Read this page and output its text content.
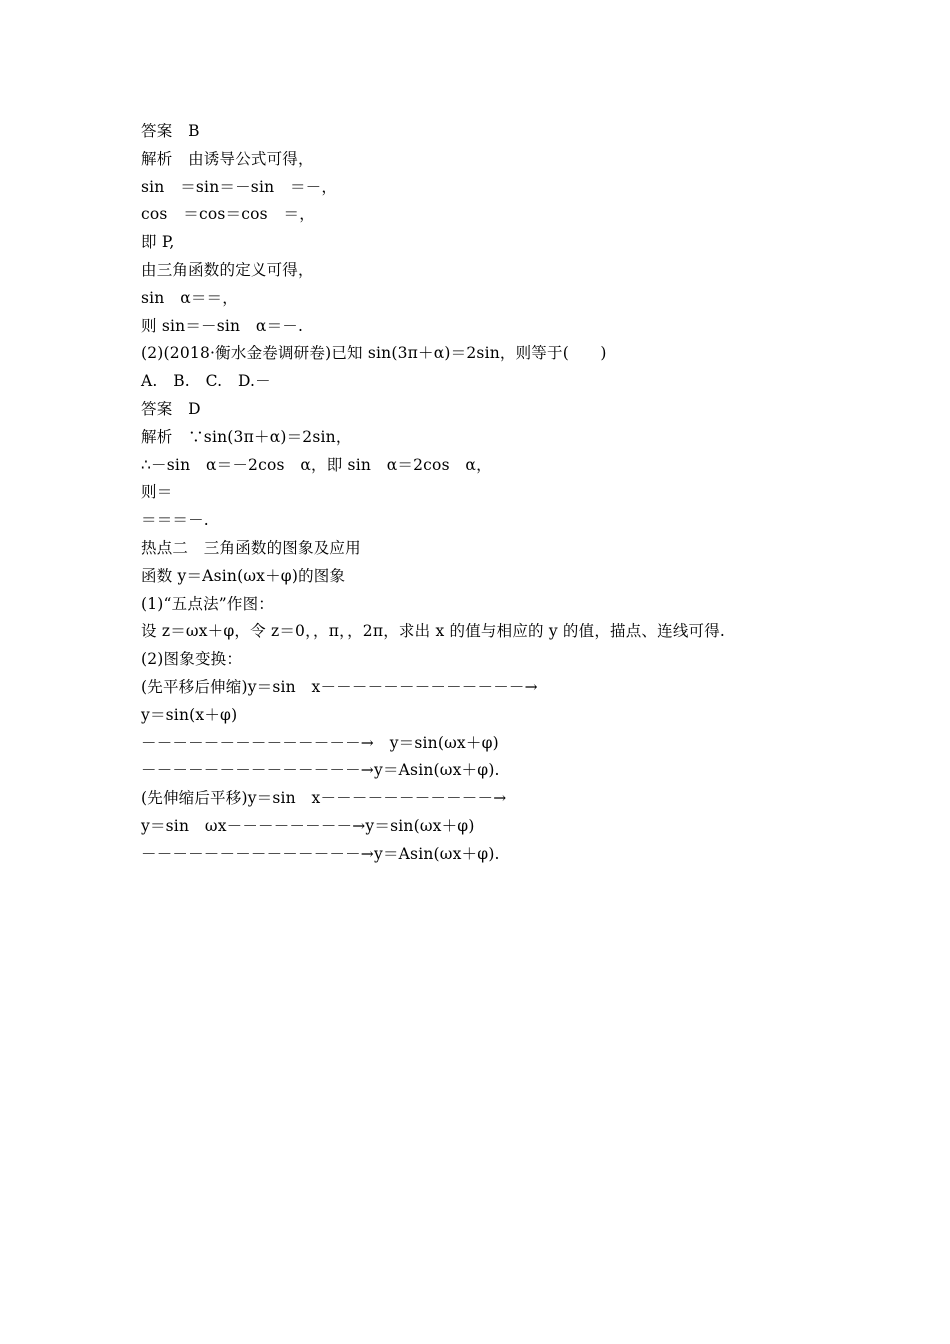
答案　B
解析　由诱导公式可得，
sin　＝sin＝－sin　＝－，
cos　＝cos＝cos　＝，
即 P,
由三角函数的定义可得，
sin　α＝＝，
则 sin＝－sin　α＝－.
(2)(2018·衡水金卷调研卷)已知 sin(3π＋α)＝2sin，则等于(　　)
A.　B.　C.　D.－
答案　D
解析　∵sin(3π＋α)＝2sin，
∴－sin　α＝－2cos　α，即 sin　α＝2cos　α，
则＝
＝＝＝－.
热点二　三角函数的图象及应用
函数 y＝Asin(ωx＋φ)的图象
(1)“五点法”作图：
设 z＝ωx＋φ，令 z＝0，，π，，2π，求出 x 的值与相应的 y 的值，描点、连线可得.
(2)图象变换：
(先平移后伸缩)y＝sin　x－－－－－－－－－－－－－→
y＝sin(x＋φ)
－－－－－－－－－－－－－－→　y＝sin(ωx＋φ)
－－－－－－－－－－－－－－→y＝Asin(ωx＋φ).
(先伸缩后平移)y＝sin　x－－－－－－－－－－－→
y＝sin　ωx－－－－－－－－→y＝sin(ωx＋φ)
－－－－－－－－－－－－－－→y＝Asin(ωx＋φ).
